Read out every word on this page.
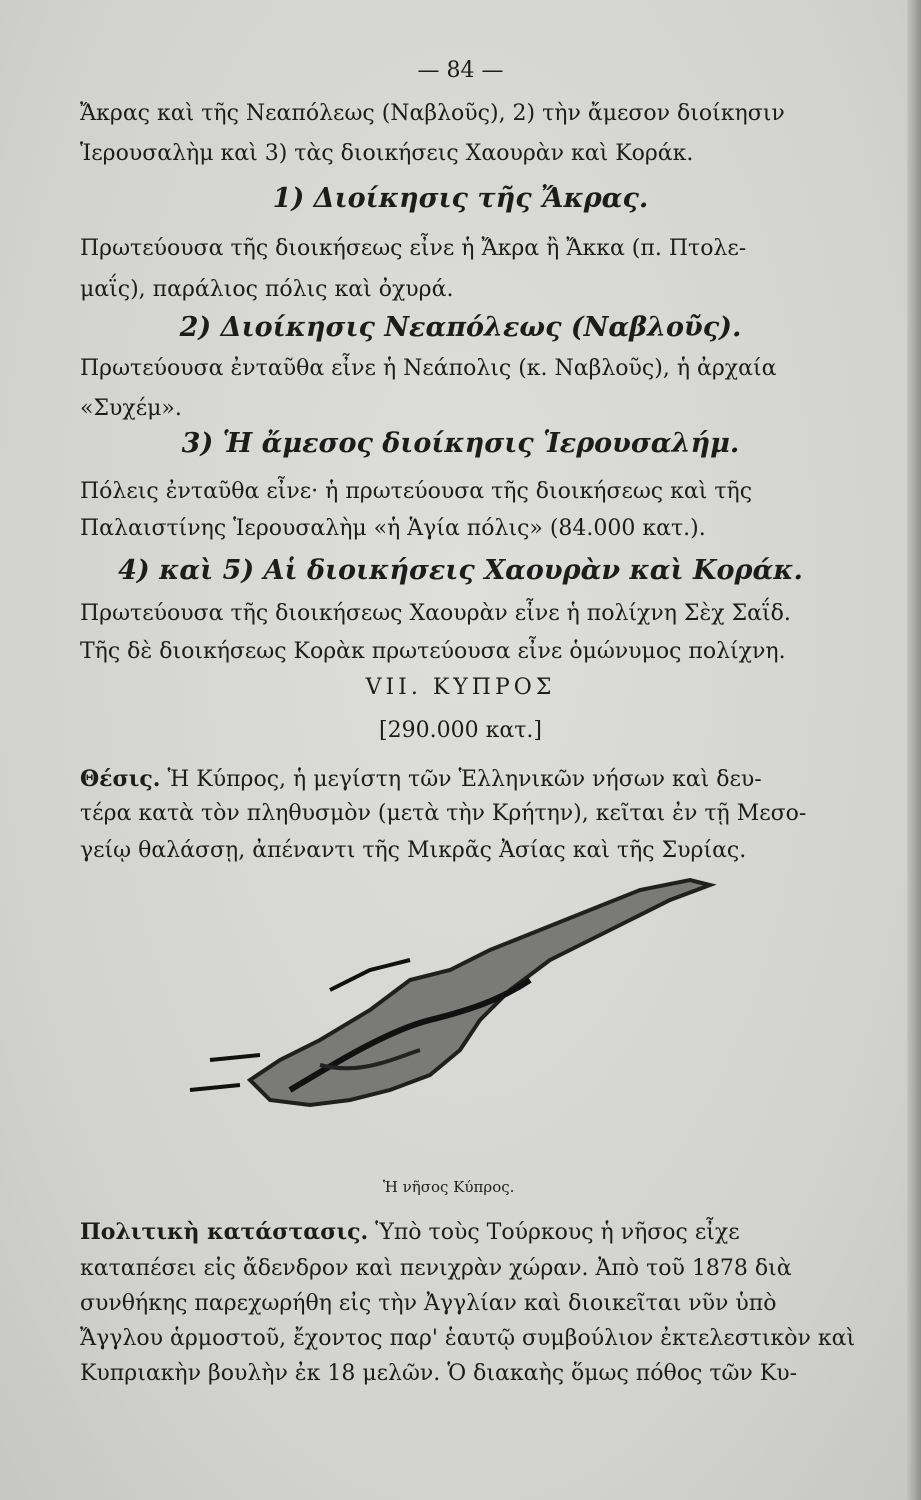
— 84 —
Ἄκρας καὶ τῆς Νεαπόλεως (Ναβλοῦς), 2) τὴν ἄμεσον διοίκησιν
Ἱερουσαλὴμ καὶ 3) τὰς διοικήσεις Χαουρὰν καὶ Κοράκ.
1) Διοίκησις τῆς Ἄκρας.
Πρωτεύουσα τῆς διοικήσεως εἶνε ἡ Ἄκρα ἢ Ἄκκα (π. Πτολε-
μαΐς), παράλιος πόλις καὶ ὀχυρά.
2) Διοίκησις Νεαπόλεως (Ναβλοῦς).
Πρωτεύουσα ἐνταῦθα εἶνε ἡ Νεάπολις (κ. Ναβλοῦς), ἡ ἀρχαία
«Συχέμ».
3) Ἡ ἄμεσος διοίκησις Ἱερουσαλήμ.
Πόλεις ἐνταῦθα εἶνε· ἡ πρωτεύουσα τῆς διοικήσεως καὶ τῆς
Παλαιστίνης Ἱερουσαλὴμ «ἡ Ἁγία πόλις» (84.000 κατ.).
4) καὶ 5) Αἱ διοικήσεις Χαουρὰν καὶ Κοράκ.
Πρωτεύουσα τῆς διοικήσεως Χαουρὰν εἶνε ἡ πολίχνη Σὲχ Σαΐδ.
Τῆς δὲ διοικήσεως Κορὰκ πρωτεύουσα εἶνε ὁμώνυμος πολίχνη.
VII. ΚΥΠΡΟΣ
[290.000 κατ.]
Θέσις. Ἡ Κύπρος, ἡ μεγίστη τῶν Ἑλληνικῶν νήσων καὶ δευ-
τέρα κατὰ τὸν πληθυσμὸν (μετὰ τὴν Κρήτην), κεῖται ἐν τῇ Μεσο-
γείῳ θαλάσσῃ, ἀπέναντι τῆς Μικρᾶς Ἀσίας καὶ τῆς Συρίας.
Ἡ νῆσος Κύπρος.
Πολιτικὴ κατάστασις. Ὑπὸ τοὺς Τούρκους ἡ νῆσος εἶχε
καταπέσει εἰς ἄδενδρον καὶ πενιχρὰν χώραν. Ἀπὸ τοῦ 1878 διὰ
συνθήκης παρεχωρήθη εἰς τὴν Ἀγγλίαν καὶ διοικεῖται νῦν ὑπὸ
Ἄγγλου ἁρμοστοῦ, ἔχοντος παρ' ἑαυτῷ συμβούλιον ἐκτελεστικὸν καὶ
Κυπριακὴν βουλὴν ἐκ 18 μελῶν. Ὁ διακαὴς ὅμως πόθος τῶν Κυ-
